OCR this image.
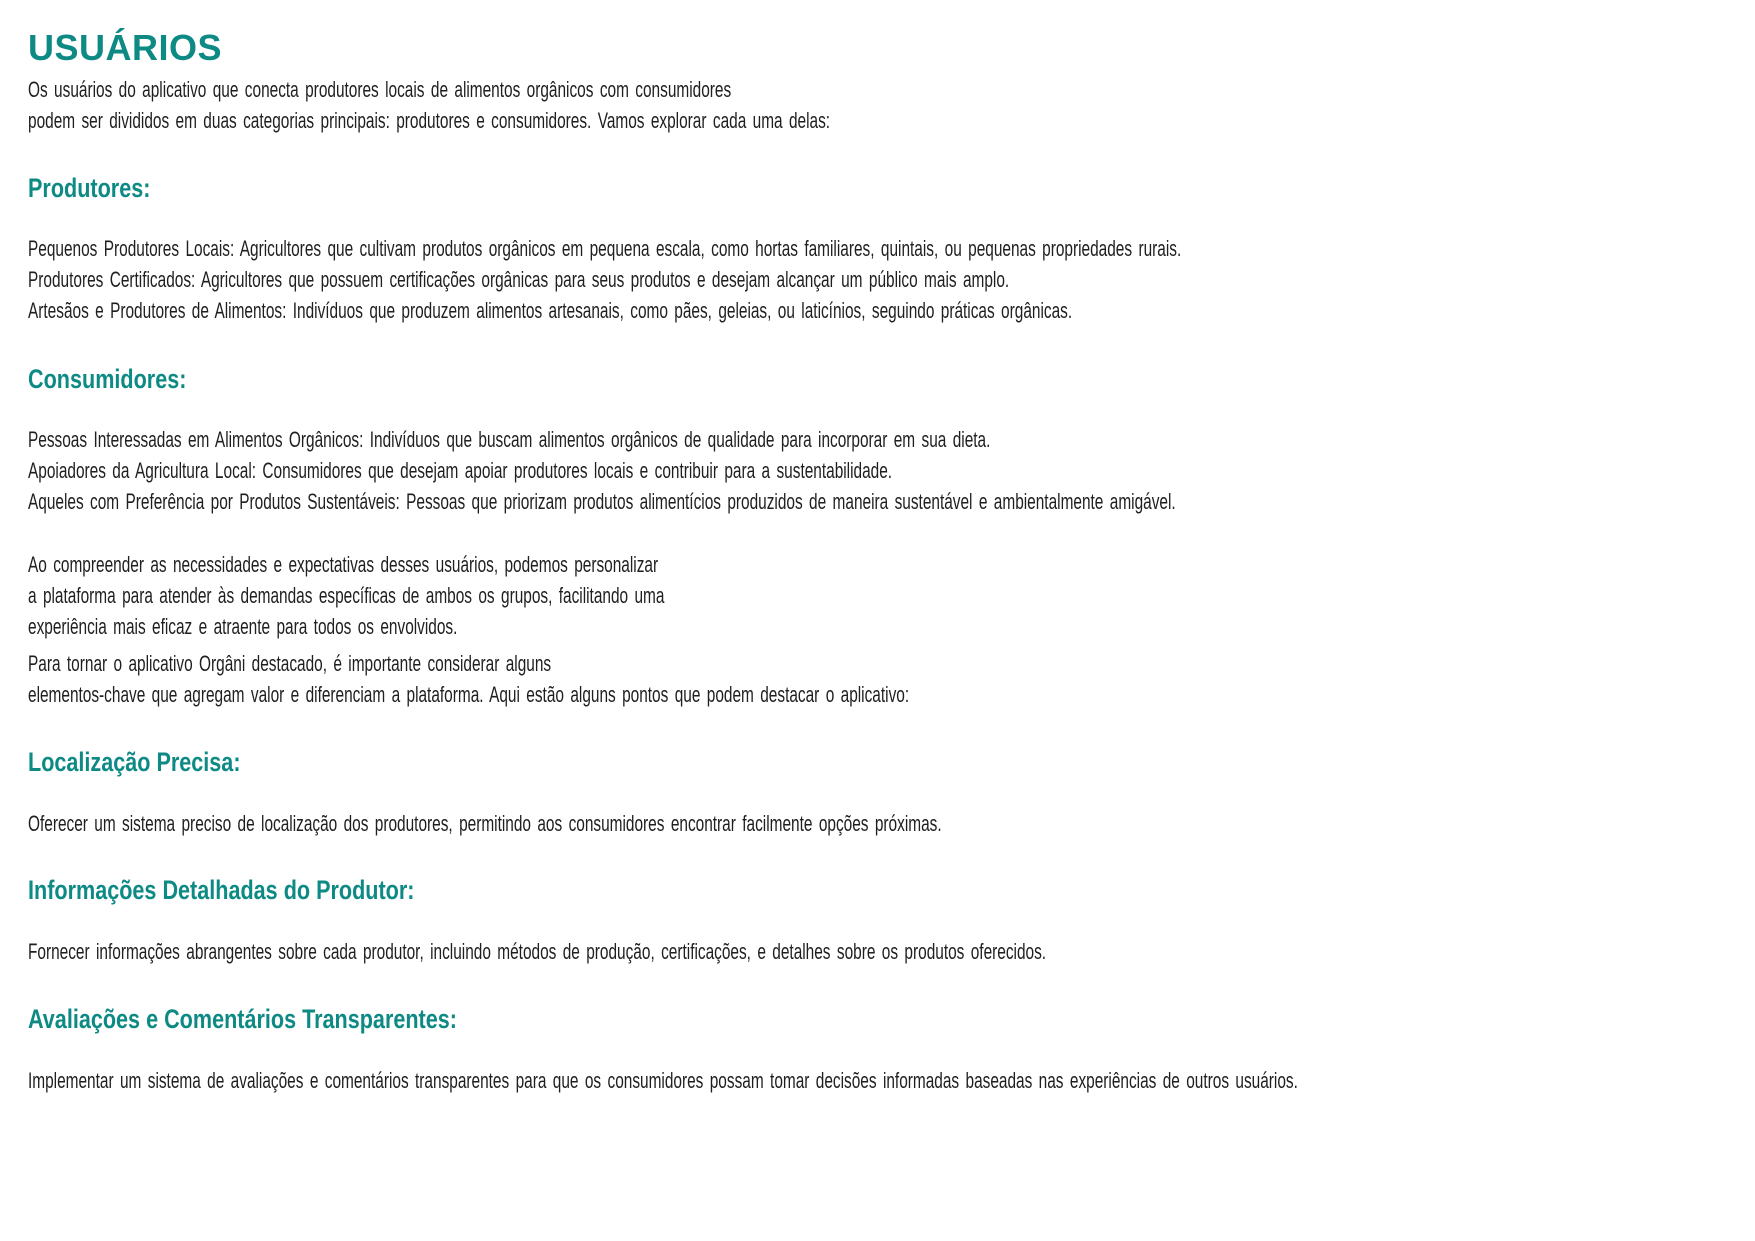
USUÁRIOS

Os usuários do aplicativo que conecta produtores locais de alimentos orgânicos com consumidores

podem ser divididos em duas categorias principais: produtores e consumidores. Vamos explorar cada uma delas:

Produtores:

Pequenos Produtores Locais: Agricultores que cultivam produtos orgânicos em pequena escala, como hortas familiares, quintais, ou pequenas propriedades rurais.

Produtores Certificados: Agricultores que possuem certificações orgânicas para seus produtos e desejam alcançar um público mais amplo.

Artesãos e Produtores de Alimentos: Indivíduos que produzem alimentos artesanais, como pães, geleias, ou laticínios, seguindo práticas orgânicas.

Consumidores:

Pessoas Interessadas em Alimentos Orgânicos: Indivíduos que buscam alimentos orgânicos de qualidade para incorporar em sua dieta.

Apoiadores da Agricultura Local: Consumidores que desejam apoiar produtores locais e contribuir para a sustentabilidade.

Aqueles com Preferência por Produtos Sustentáveis: Pessoas que priorizam produtos alimentícios produzidos de maneira sustentável e ambientalmente amigável.

Ao compreender as necessidades e expectativas desses usuários, podemos personalizar

a plataforma para atender às demandas específicas de ambos os grupos, facilitando uma

experiência mais eficaz e atraente para todos os envolvidos.

Para tornar o aplicativo Orgâni destacado, é importante considerar alguns

elementos-chave que agregam valor e diferenciam a plataforma. Aqui estão alguns pontos que podem destacar o aplicativo:

Localização Precisa:

Oferecer um sistema preciso de localização dos produtores, permitindo aos consumidores encontrar facilmente opções próximas.

Informações Detalhadas do Produtor:

Fornecer informações abrangentes sobre cada produtor, incluindo métodos de produção, certificações, e detalhes sobre os produtos oferecidos.

Avaliações e Comentários Transparentes:

Implementar um sistema de avaliações e comentários transparentes para que os consumidores possam tomar decisões informadas baseadas nas experiências de outros usuários.
